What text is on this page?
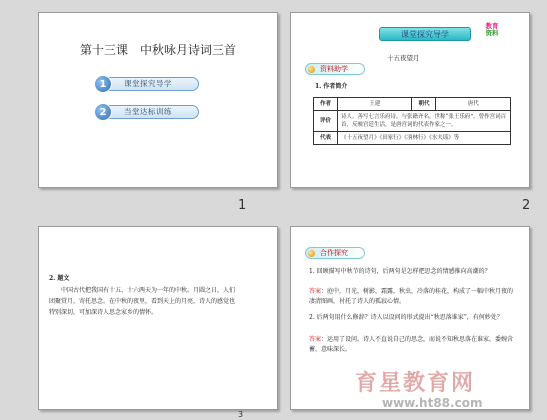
第十三课　中秋咏月诗词三首
课堂探究导学
1
当堂达标训练
2
1
课堂探究导学
教育
资料
资料助学
十五夜望月
1. 作者简介
作者	王建	朝代	唐代
评价	诗人。善写七言乐府诗，与张籍齐名，世称“张王乐府”。曾作宫词百首，反映宫廷生活，是唐宫词的代表作家之一。		
代表	《十五夜望月》《田家行》《羽林行》《水夫谣》等		
2
2. 题文
中国古代把我国有十五、十六两天为一年的中秋。月圆之日，人们团聚赏月，寄托思念。在中秋的夜里，看到天上的月亮，诗人的感觉也特别深切，可加深诗人思念家乡的情怀。
3
合作探究
1. 回顾描写中秋节的诗句，后两句是怎样把思念的情感推向高潮的？
答案：庭中，月光，树影，霜露，秋虫，冷落的桂花，构成了一幅中秋月夜的凄清图画，衬托了诗人的孤寂心情。
2. 后两句用什么修辞？诗人以设问的形式提出“秋思落谁家”，有何妙处？
答案：运用了设问。诗人不直说自己的思念，而说不知秋思落在谁家，委婉含蓄，意味深长。
育星教育网
www.ht88.com
